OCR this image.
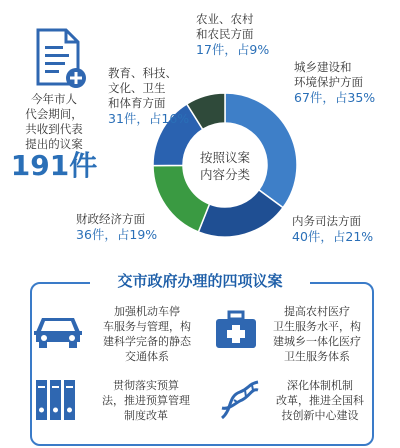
今年市人
代会期间，
共收到代表
提出的议案
191件	按照议案
内容分类
城乡建设和
环境保护方面
67件，占35%
内务司法方面
40件，占21%
财政经济方面
36件，占19%
教育、科技、
文化、卫生
和体育方面
31件，占16%
农业、农村
和农民方面
17件，占9%
交市政府办理的四项议案
加强机动车停
车服务与管理，构
建科学完备的静态
交通体系
提高农村医疗
卫生服务水平，构
建城乡一体化医疗
卫生服务体系
贯彻落实预算
法，推进预算管理
制度改革
深化体制机制
改革，推进全国科
技创新中心建设
